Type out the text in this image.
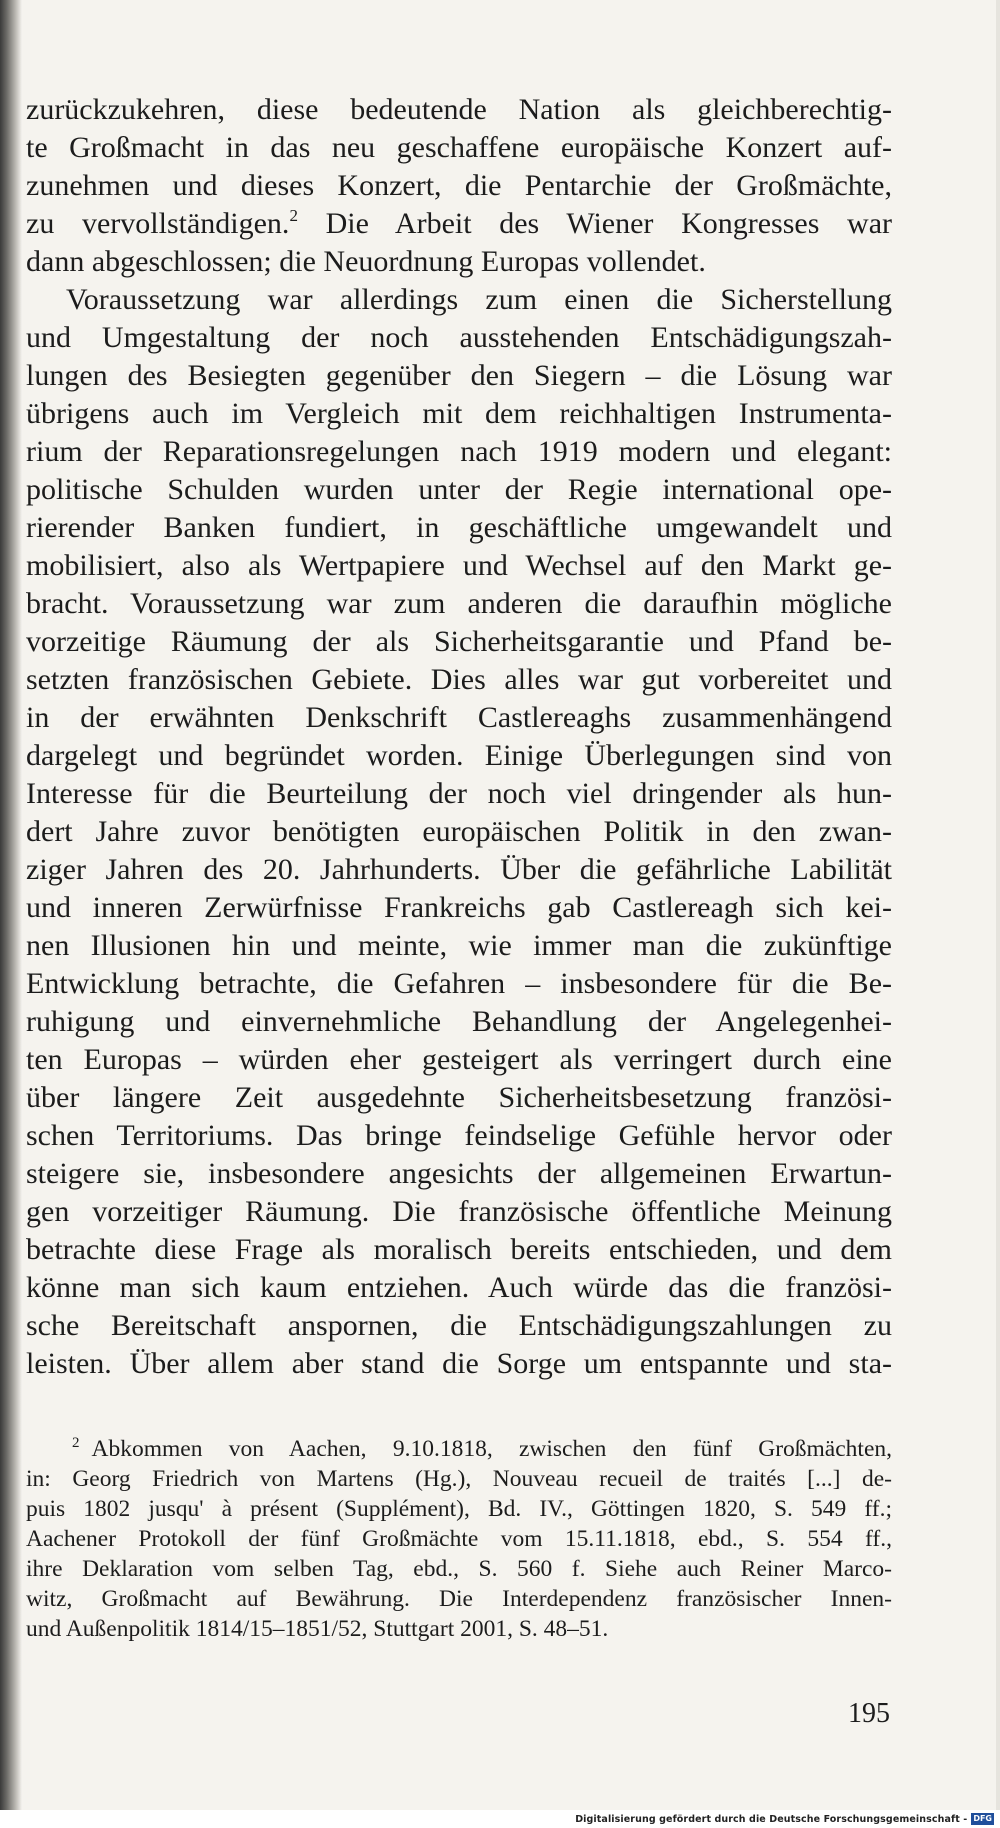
zurückzukehren, diese bedeutende Nation als gleichberechtig-
te Großmacht in das neu geschaffene europäische Konzert auf-
zunehmen und dieses Konzert, die Pentarchie der Großmächte,
zu vervollständigen.$^2$ Die Arbeit des Wiener Kongresses war
dann abgeschlossen; die Neuordnung Europas vollendet.
Voraussetzung war allerdings zum einen die Sicherstellung
und Umgestaltung der noch ausstehenden Entschädigungszah-
lungen des Besiegten gegenüber den Siegern – die Lösung war
übrigens auch im Vergleich mit dem reichhaltigen Instrumenta-
rium der Reparationsregelungen nach 1919 modern und elegant:
politische Schulden wurden unter der Regie international ope-
rierender Banken fundiert, in geschäftliche umgewandelt und
mobilisiert, also als Wertpapiere und Wechsel auf den Markt ge-
bracht. Voraussetzung war zum anderen die daraufhin mögliche
vorzeitige Räumung der als Sicherheitsgarantie und Pfand be-
setzten französischen Gebiete. Dies alles war gut vorbereitet und
in der erwähnten Denkschrift Castlereaghs zusammenhängend
dargelegt und begründet worden. Einige Überlegungen sind von
Interesse für die Beurteilung der noch viel dringender als hun-
dert Jahre zuvor benötigten europäischen Politik in den zwan-
ziger Jahren des 20. Jahrhunderts. Über die gefährliche Labilität
und inneren Zerwürfnisse Frankreichs gab Castlereagh sich kei-
nen Illusionen hin und meinte, wie immer man die zukünftige
Entwicklung betrachte, die Gefahren – insbesondere für die Be-
ruhigung und einvernehmliche Behandlung der Angelegenhei-
ten Europas – würden eher gesteigert als verringert durch eine
über längere Zeit ausgedehnte Sicherheitsbesetzung französi-
schen Territoriums. Das bringe feindselige Gefühle hervor oder
steigere sie, insbesondere angesichts der allgemeinen Erwartun-
gen vorzeitiger Räumung. Die französische öffentliche Meinung
betrachte diese Frage als moralisch bereits entschieden, und dem
könne man sich kaum entziehen. Auch würde das die französi-
sche Bereitschaft anspornen, die Entschädigungszahlungen zu
leisten. Über allem aber stand die Sorge um entspannte und sta-
$^2$ Abkommen von Aachen, 9.10.1818, zwischen den fünf Großmächten,
in: Georg Friedrich von Martens (Hg.), Nouveau recueil de traités [...] de-
puis 1802 jusqu' à présent (Supplément), Bd. IV., Göttingen 1820, S. 549 ff.;
Aachener Protokoll der fünf Großmächte vom 15.11.1818, ebd., S. 554 ff.,
ihre Deklaration vom selben Tag, ebd., S. 560 f. Siehe auch Reiner Marco-
witz, Großmacht auf Bewährung. Die Interdependenz französischer Innen-
und Außenpolitik 1814/15–1851/52, Stuttgart 2001, S. 48–51.
195
Digitalisierung gefördert durch die Deutsche Forschungsgemeinschaft - DFG
